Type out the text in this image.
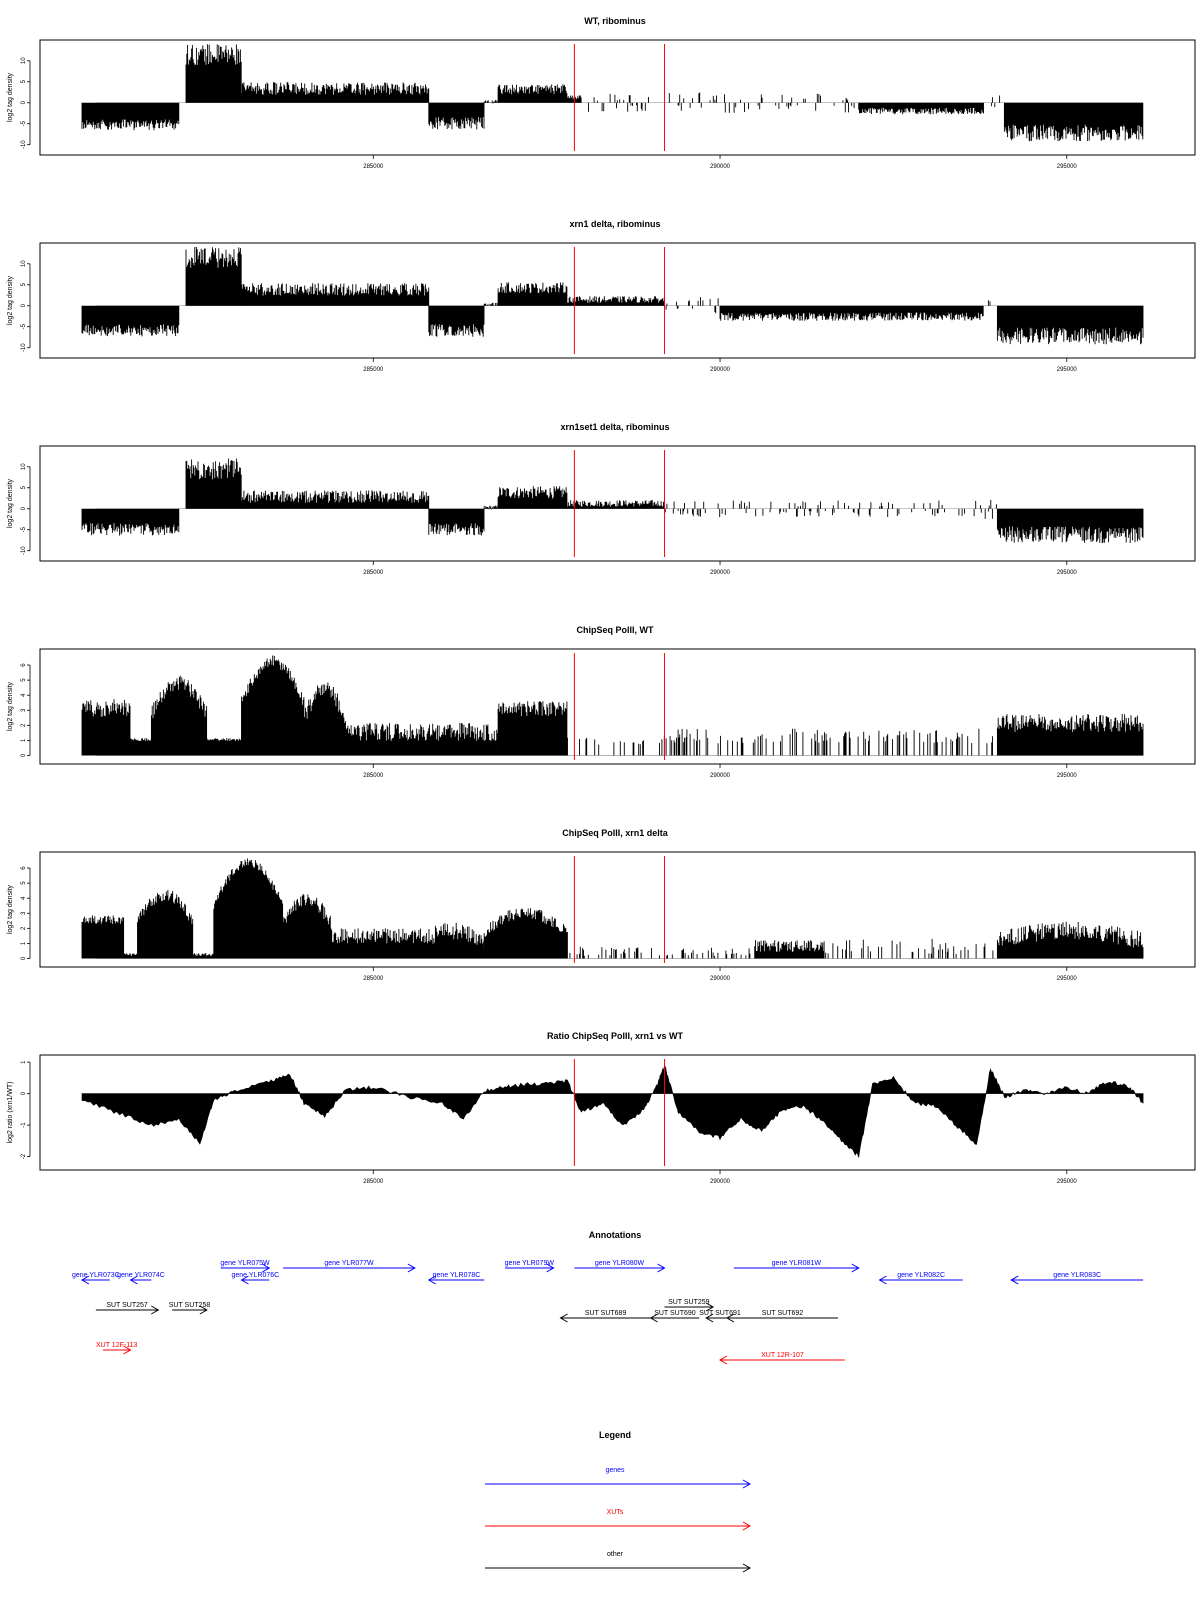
WT, ribominus
10
5
0
-5
-10
log2 tag density
285000	290000	295000
xrn1 delta, ribominus
10
5
0
-5
-10
log2 tag density
285000	290000	295000
xrn1set1 delta, ribominus
10
5
0
-5
-10
log2 tag density
285000	290000	295000
ChipSeq PolII, WT
6
5
4
3
2
1
0
log2 tag density
285000	290000	295000
ChipSeq PolII, xrn1 delta
6
5
4
3
2
1
0
log2 tag density
285000	290000	295000
Ratio ChipSeq PolII, xrn1 vs WT
1
0
-1
-2
log2 ratio (xrn1/WT)
285000	290000	295000
Annotations
gene YLR073C
gene YLR074C
gene YLR075W
gene YLR076C
gene YLR077W
gene YLR078C
gene YLR079W	gene YLR080W	gene YLR081W
gene YLR082C	gene YLR083C
SUT SUT257	SUT SUT258
SUT SUT689	SUT SUT690
SUT SUT259
SUT SUT691	SUT SUT692
XUT 12F-113
XUT 12R-107
Legend
genes
XUTs
other
